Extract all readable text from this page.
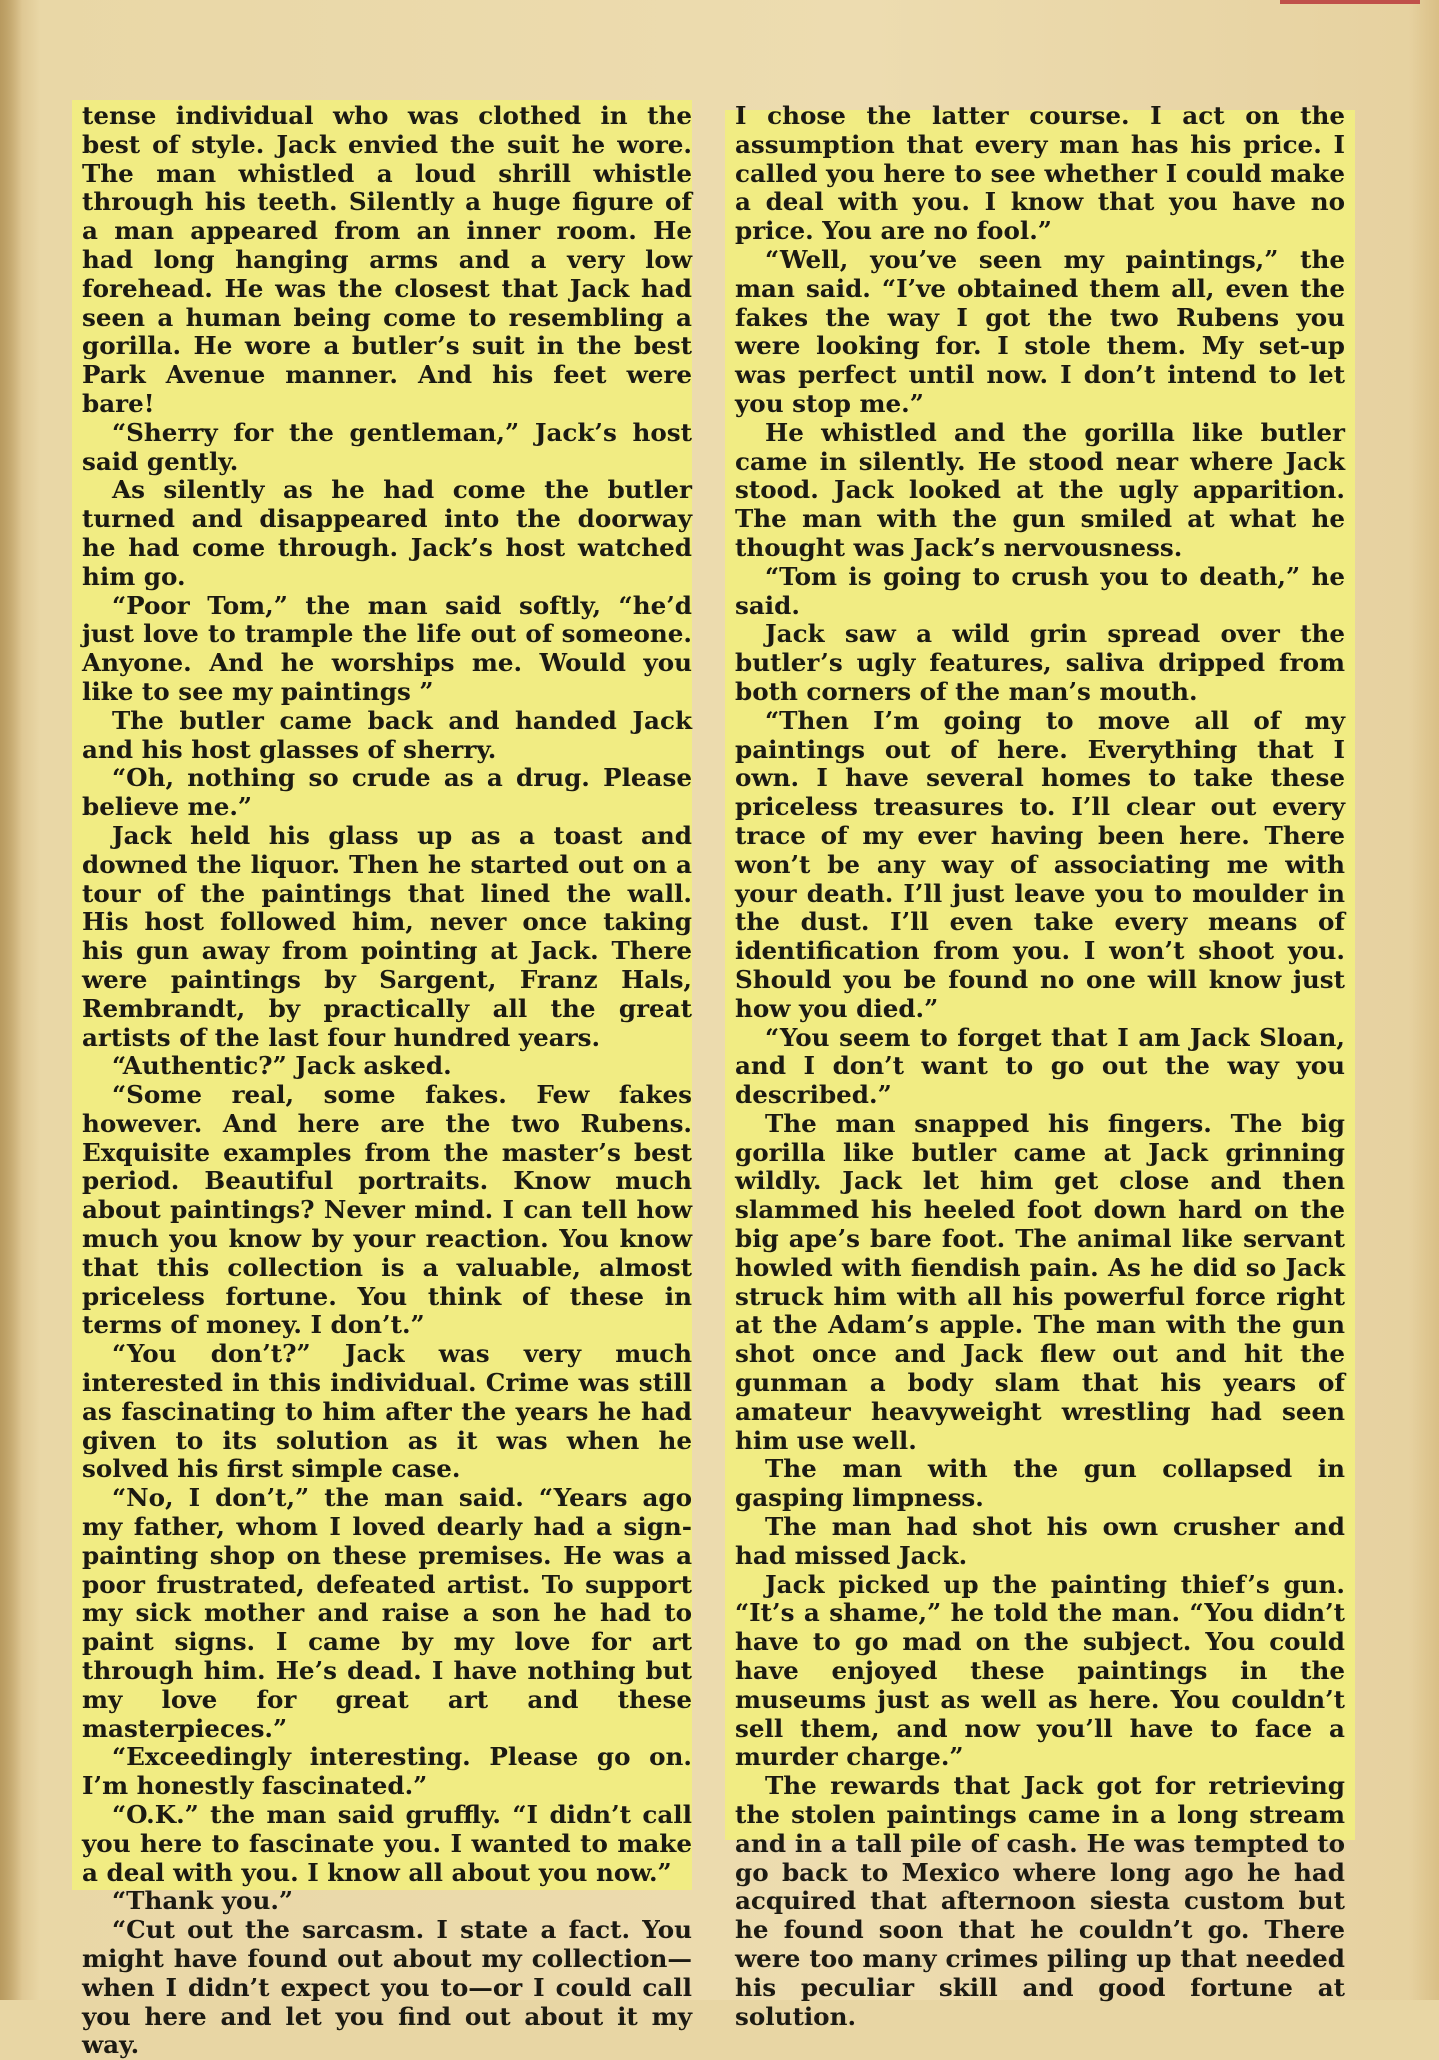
tense individual who was clothed in the best of style. Jack envied the suit he wore. The man whistled a loud shrill whistle through his teeth. Silently a huge figure of a man appeared from an inner room. He had long hanging arms and a very low forehead. He was the closest that Jack had seen a human being come to resembling a gorilla. He wore a butler’s suit in the best Park Avenue manner. And his feet were bare!

“Sherry for the gentleman,” Jack’s host said gently.

As silently as he had come the butler turned and disappeared into the doorway he had come through. Jack’s host watched him go.

“Poor Tom,” the man said softly, “he’d just love to trample the life out of someone. Anyone. And he worships me. Would you like to see my paintings ”

The butler came back and handed Jack and his host glasses of sherry.

“Oh, nothing so crude as a drug. Please believe me.”

Jack held his glass up as a toast and downed the liquor. Then he started out on a tour of the paintings that lined the wall. His host followed him, never once taking his gun away from pointing at Jack. There were paintings by Sargent, Franz Hals, Rembrandt, by practically all the great artists of the last four hundred years.

“Authentic?” Jack asked.

“Some real, some fakes. Few fakes however. And here are the two Rubens. Exquisite examples from the master’s best period. Beautiful portraits. Know much about paintings? Never mind. I can tell how much you know by your reaction. You know that this collection is a valuable, almost priceless fortune. You think of these in terms of money. I don’t.”

“You don’t?” Jack was very much interested in this individual. Crime was still as fascinating to him after the years he had given to its solution as it was when he solved his first simple case.

“No, I don’t,” the man said. “Years ago my father, whom I loved dearly had a sign-painting shop on these premises. He was a poor frustrated, defeated artist. To support my sick mother and raise a son he had to paint signs. I came by my love for art through him. He’s dead. I have nothing but my love for great art and these masterpieces.”

“Exceedingly interesting. Please go on. I’m honestly fascinated.”

“O.K.” the man said gruffly. “I didn’t call you here to fascinate you. I wanted to make a deal with you. I know all about you now.”

“Thank you.”

“Cut out the sarcasm. I state a fact. You might have found out about my collection— when I didn’t expect you to—or I could call you here and let you find out about it my way.

I chose the latter course. I act on the assumption that every man has his price. I called you here to see whether I could make a deal with you. I know that you have no price. You are no fool.”

“Well, you’ve seen my paintings,” the man said. “I’ve obtained them all, even the fakes the way I got the two Rubens you were looking for. I stole them. My set-up was perfect until now. I don’t intend to let you stop me.”

He whistled and the gorilla like butler came in silently. He stood near where Jack stood. Jack looked at the ugly apparition. The man with the gun smiled at what he thought was Jack’s nervousness.

“Tom is going to crush you to death,” he said.

Jack saw a wild grin spread over the butler’s ugly features, saliva dripped from both corners of the man’s mouth.

“Then I’m going to move all of my paintings out of here. Everything that I own. I have several homes to take these priceless treasures to. I’ll clear out every trace of my ever having been here. There won’t be any way of associating me with your death. I’ll just leave you to moulder in the dust. I’ll even take every means of identification from you. I won’t shoot you. Should you be found no one will know just how you died.”

“You seem to forget that I am Jack Sloan, and I don’t want to go out the way you described.”

The man snapped his fingers. The big gorilla like butler came at Jack grinning wildly. Jack let him get close and then slammed his heeled foot down hard on the big ape’s bare foot. The animal like servant howled with fiendish pain. As he did so Jack struck him with all his powerful force right at the Adam’s apple. The man with the gun shot once and Jack flew out and hit the gunman a body slam that his years of amateur heavyweight wrestling had seen him use well.

The man with the gun collapsed in gasping limpness.

The man had shot his own crusher and had missed Jack.

Jack picked up the painting thief’s gun. “It’s a shame,” he told the man. “You didn’t have to go mad on the subject. You could have enjoyed these paintings in the museums just as well as here. You couldn’t sell them, and now you’ll have to face a murder charge.”

The rewards that Jack got for retrieving the stolen paintings came in a long stream and in a tall pile of cash. He was tempted to go back to Mexico where long ago he had acquired that afternoon siesta custom but he found soon that he couldn’t go. There were too many crimes piling up that needed his peculiar skill and good fortune at solution.
